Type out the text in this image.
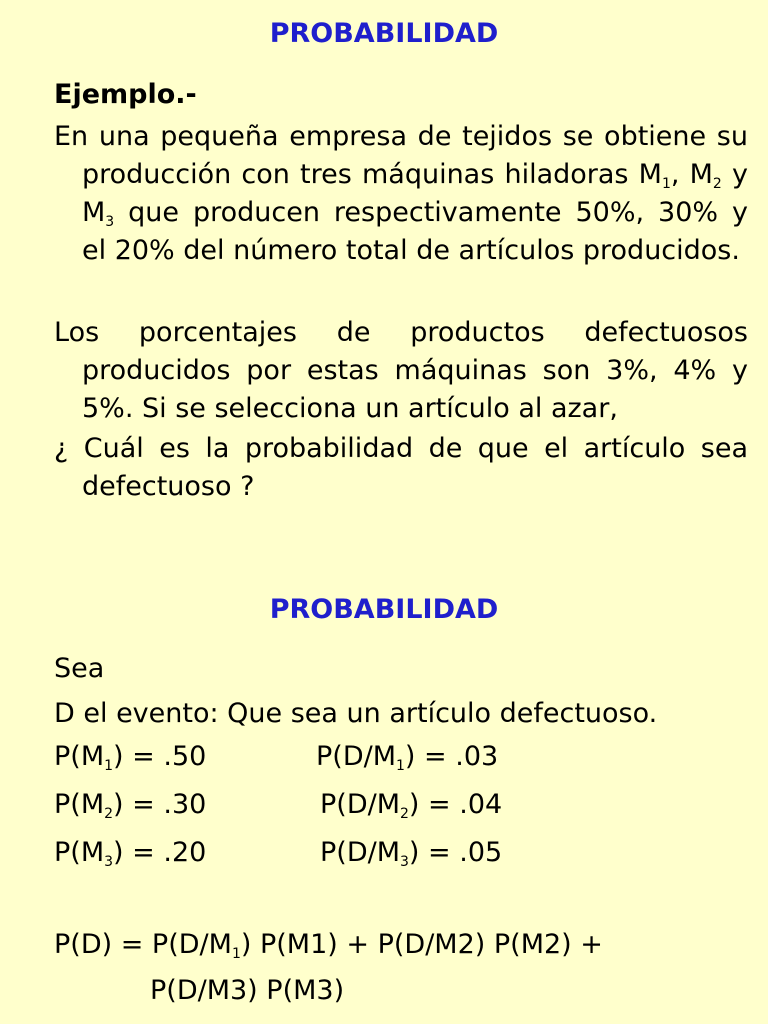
PROBABILIDAD
Ejemplo.-
En una pequeña empresa de tejidos se obtiene su producción con tres máquinas hiladoras $M_1$, $M_2$ y $M_3$ que producen respectivamente 50%, 30% y el 20% del número total de artículos producidos.
Los porcentajes de productos defectuosos producidos por estas máquinas son 3%, 4% y 5%. Si se selecciona un artículo al azar,
¿ Cuál es la probabilidad de que el artículo sea defectuoso ?
PROBABILIDAD
Sea
D el evento: Que sea un artículo defectuoso.
$P(M_1) = .50$	$P(D/M_1) = .03$
$P(M_2) = .30$	$P(D/M_2) = .04$
$P(M_3) = .20$	$P(D/M_3) = .05$
$P(D) = P(D/M_1) P(M1) + P(D/M2) P(M2)$ +
P(D/M3) P(M3)
